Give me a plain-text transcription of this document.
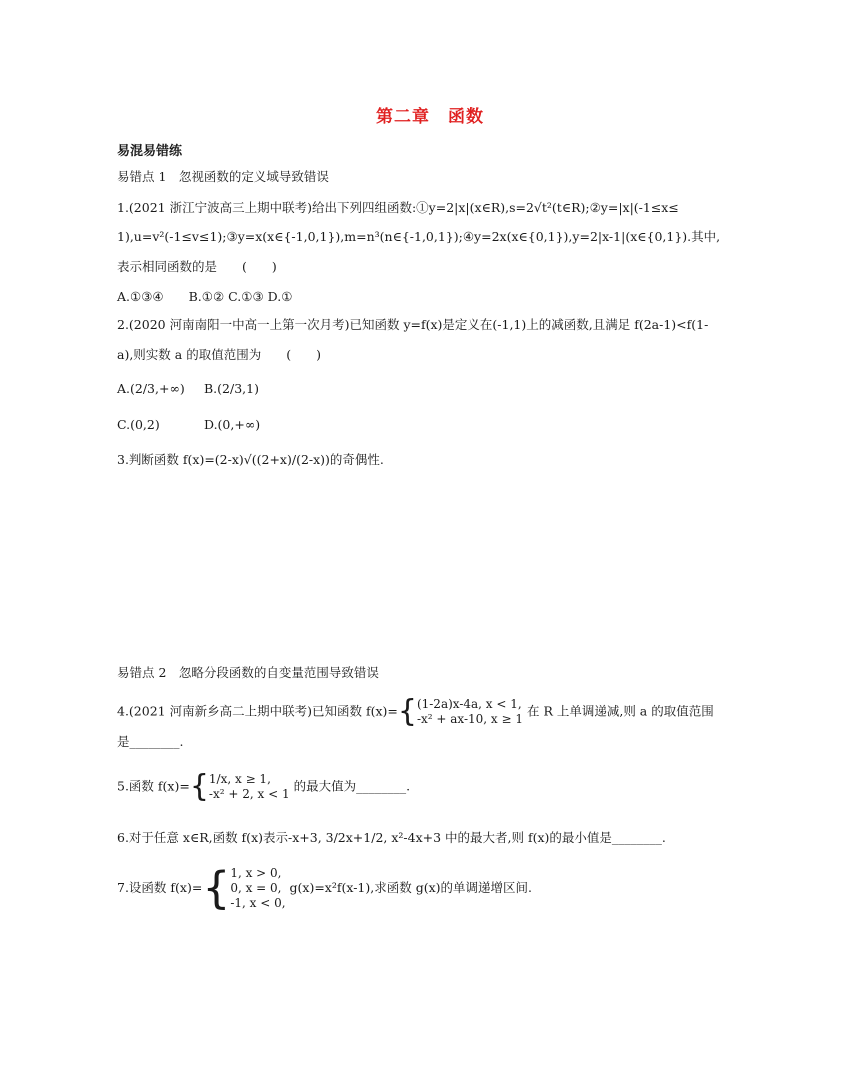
第二章　函数
易混易错练
易错点 1　忽视函数的定义域导致错误
1.(2021 浙江宁波高三上期中联考)给出下列四组函数:①y=2|x|(x∈R),s=2√t²(t∈R);②y=|x|(-1≤x≤
1),u=v²(-1≤v≤1);③y=x(x∈{-1,0,1}),m=n³(n∈{-1,0,1});④y=2x(x∈{0,1}),y=2|x-1|(x∈{0,1}).其中,
表示相同函数的是　　(　　)
A.①③④　　B.①② C.①③ D.①
2.(2020 河南南阳一中高一上第一次月考)已知函数 y=f(x)是定义在(-1,1)上的减函数,且满足 f(2a-1)<f(1-
a),则实数 a 的取值范围为　　(　　)
A.(2/3,+∞) B.(2/3,1)
C.(0,2)	D.(0,+∞)
3.判断函数 f(x)=(2-x)√((2+x)/(2-x))的奇偶性.
易错点 2　忽略分段函数的自变量范围导致错误
4.(2021 河南新乡高二上期中联考)已知函数 f(x)={ (1-2a)x-4a, x < 1,
-x² + ax-10, x ≥ 1
在 R 上单调递减,则 a 的取值范围
是________.
5.函数 f(x)={ 1/x, x ≥ 1,
-x² + 2, x < 1
的最大值为________.
6.对于任意 x∈R,函数 f(x)表示-x+3, 3/2x+1/2, x²-4x+3 中的最大者,则 f(x)的最小值是________.
7.设函数 f(x)={ 1, x > 0,
0, x = 0,
-1, x < 0,
g(x)=x²f(x-1),求函数 g(x)的单调递增区间.
